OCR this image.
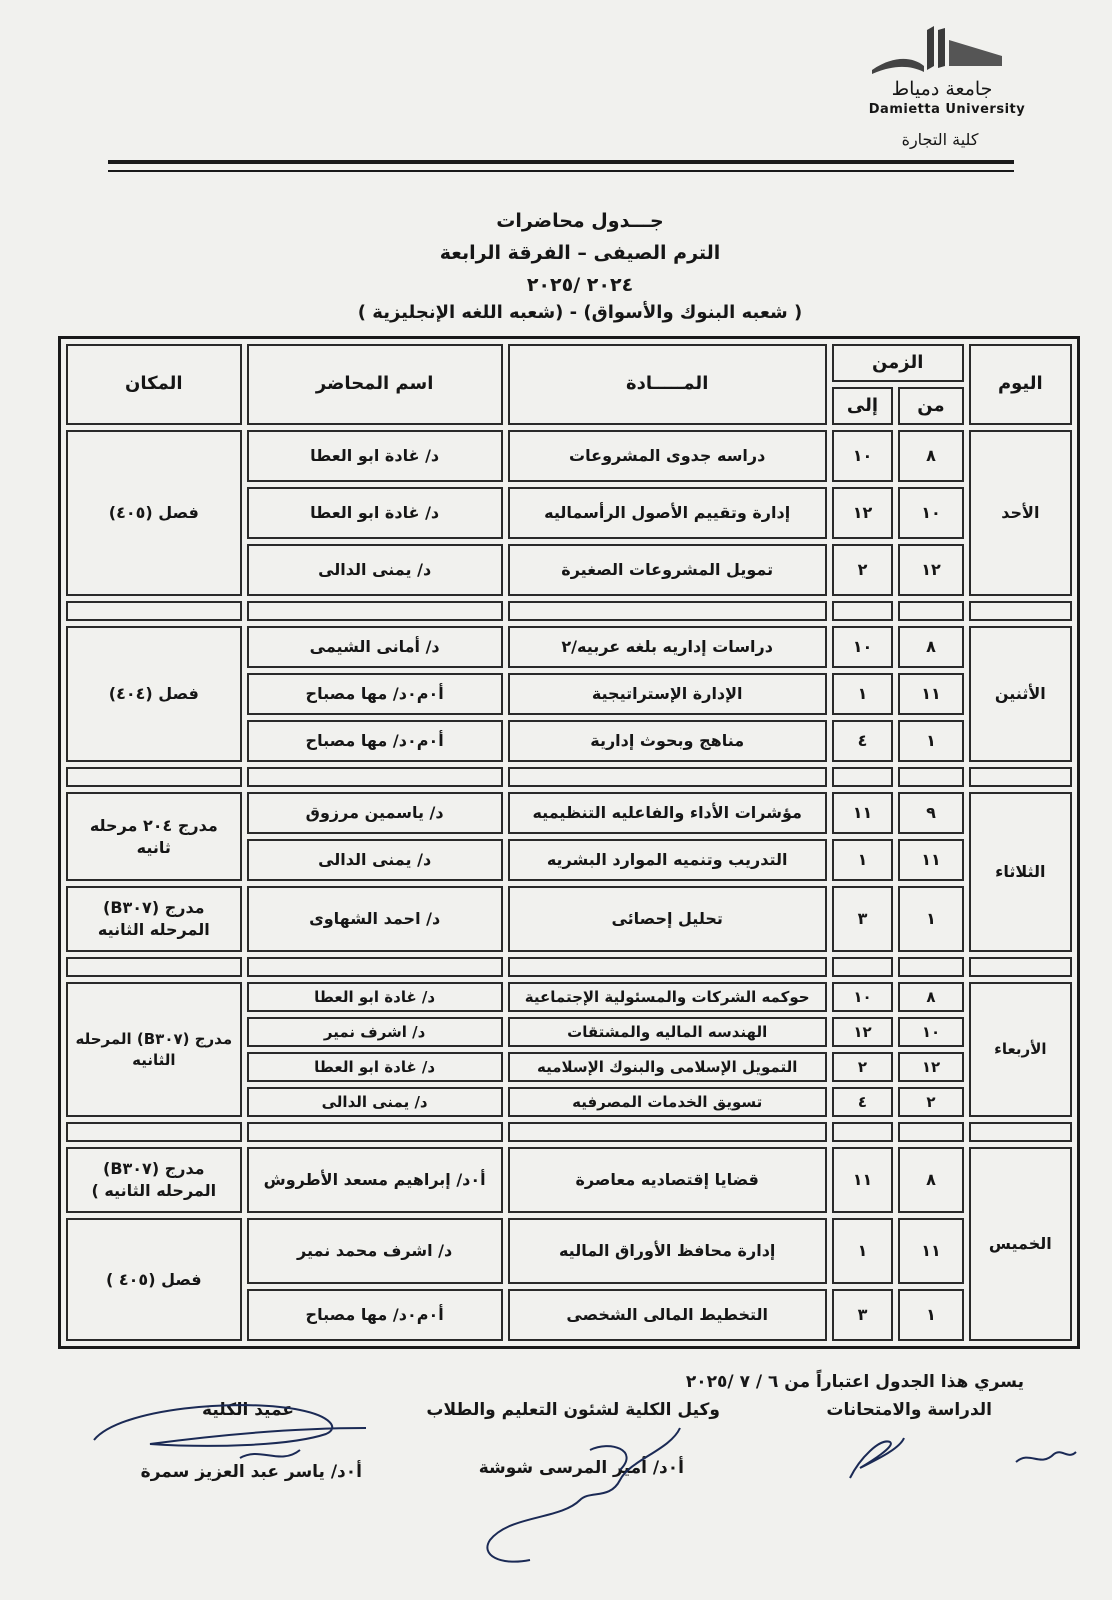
جامعة دمياط
Damietta University
كلية التجارة
جـــدول محاضرات
الترم الصيفى – الفرقة الرابعة
٢٠٢٤ /٢٠٢٥
( شعبه البنوك والأسواق) - (شعبه اللغه الإنجليزية )
اليوم	الزمن		المـــــادة	اسم المحاضر	المكان
	من	إلى			
الأحد	٨	١٠	دراسه جدوى المشروعات	د/ غادة ابو العطا	فصل (٤٠٥)
	١٠	١٢	إدارة وتقييم الأصول الرأسماليه	د/ غادة ابو العطا	
	١٢	٢	تمويل المشروعات الصغيرة	د/ يمنى الدالى	

الأثنين	٨	١٠	دراسات إداريه بلغه عربيه/٢	د/ أمانى الشيمى	فصل (٤٠٤)
	١١	١	الإدارة الإستراتيجية	أ٠م٠د/ مها مصباح	
	١	٤	مناهج وبحوث إدارية	أ٠م٠د/ مها مصباح	

الثلاثاء	٩	١١	مؤشرات الأداء والفاعليه التنظيميه	د/ ياسمين مرزوق	مدرج ٢٠٤ مرحله ثانيه
	١١	١	التدريب وتنميه الموارد البشريه	د/ يمنى الدالى	
	١	٣	تحليل إحصائى	د/ احمد الشهاوى	مدرج (B٣٠٧) المرحله الثانيه

الأربعاء	٨	١٠	حوكمه الشركات والمسئولية الإجتماعية	د/ غادة ابو العطا	مدرج (B٣٠٧) المرحله الثانيه
	١٠	١٢	الهندسه الماليه والمشتقات	د/ اشرف نمير	
	١٢	٢	التمويل الإسلامى والبنوك الإسلاميه	د/ غادة ابو العطا	
	٢	٤	تسويق الخدمات المصرفيه	د/ يمنى الدالى	

الخميس	٨	١١	قضايا إقتصاديه معاصرة	أ٠د/ إبراهيم مسعد الأطروش	مدرج (B٣٠٧) المرحله الثانيه )
	١١	١	إدارة محافظ الأوراق الماليه	د/ اشرف محمد نمير	فصل (٤٠٥ )
	١	٣	التخطيط المالى الشخصى	أ٠م٠د/ مها مصباح	
يسري هذا الجدول اعتباراً من ٦ / ٧ /٢٠٢٥
الدراسة والامتحانات
وكيل الكلية لشئون التعليم والطلاب
عميد الكلية
أ٠د/ أمير المرسى شوشة
أ٠د/ ياسر عبد العزيز سمرة
